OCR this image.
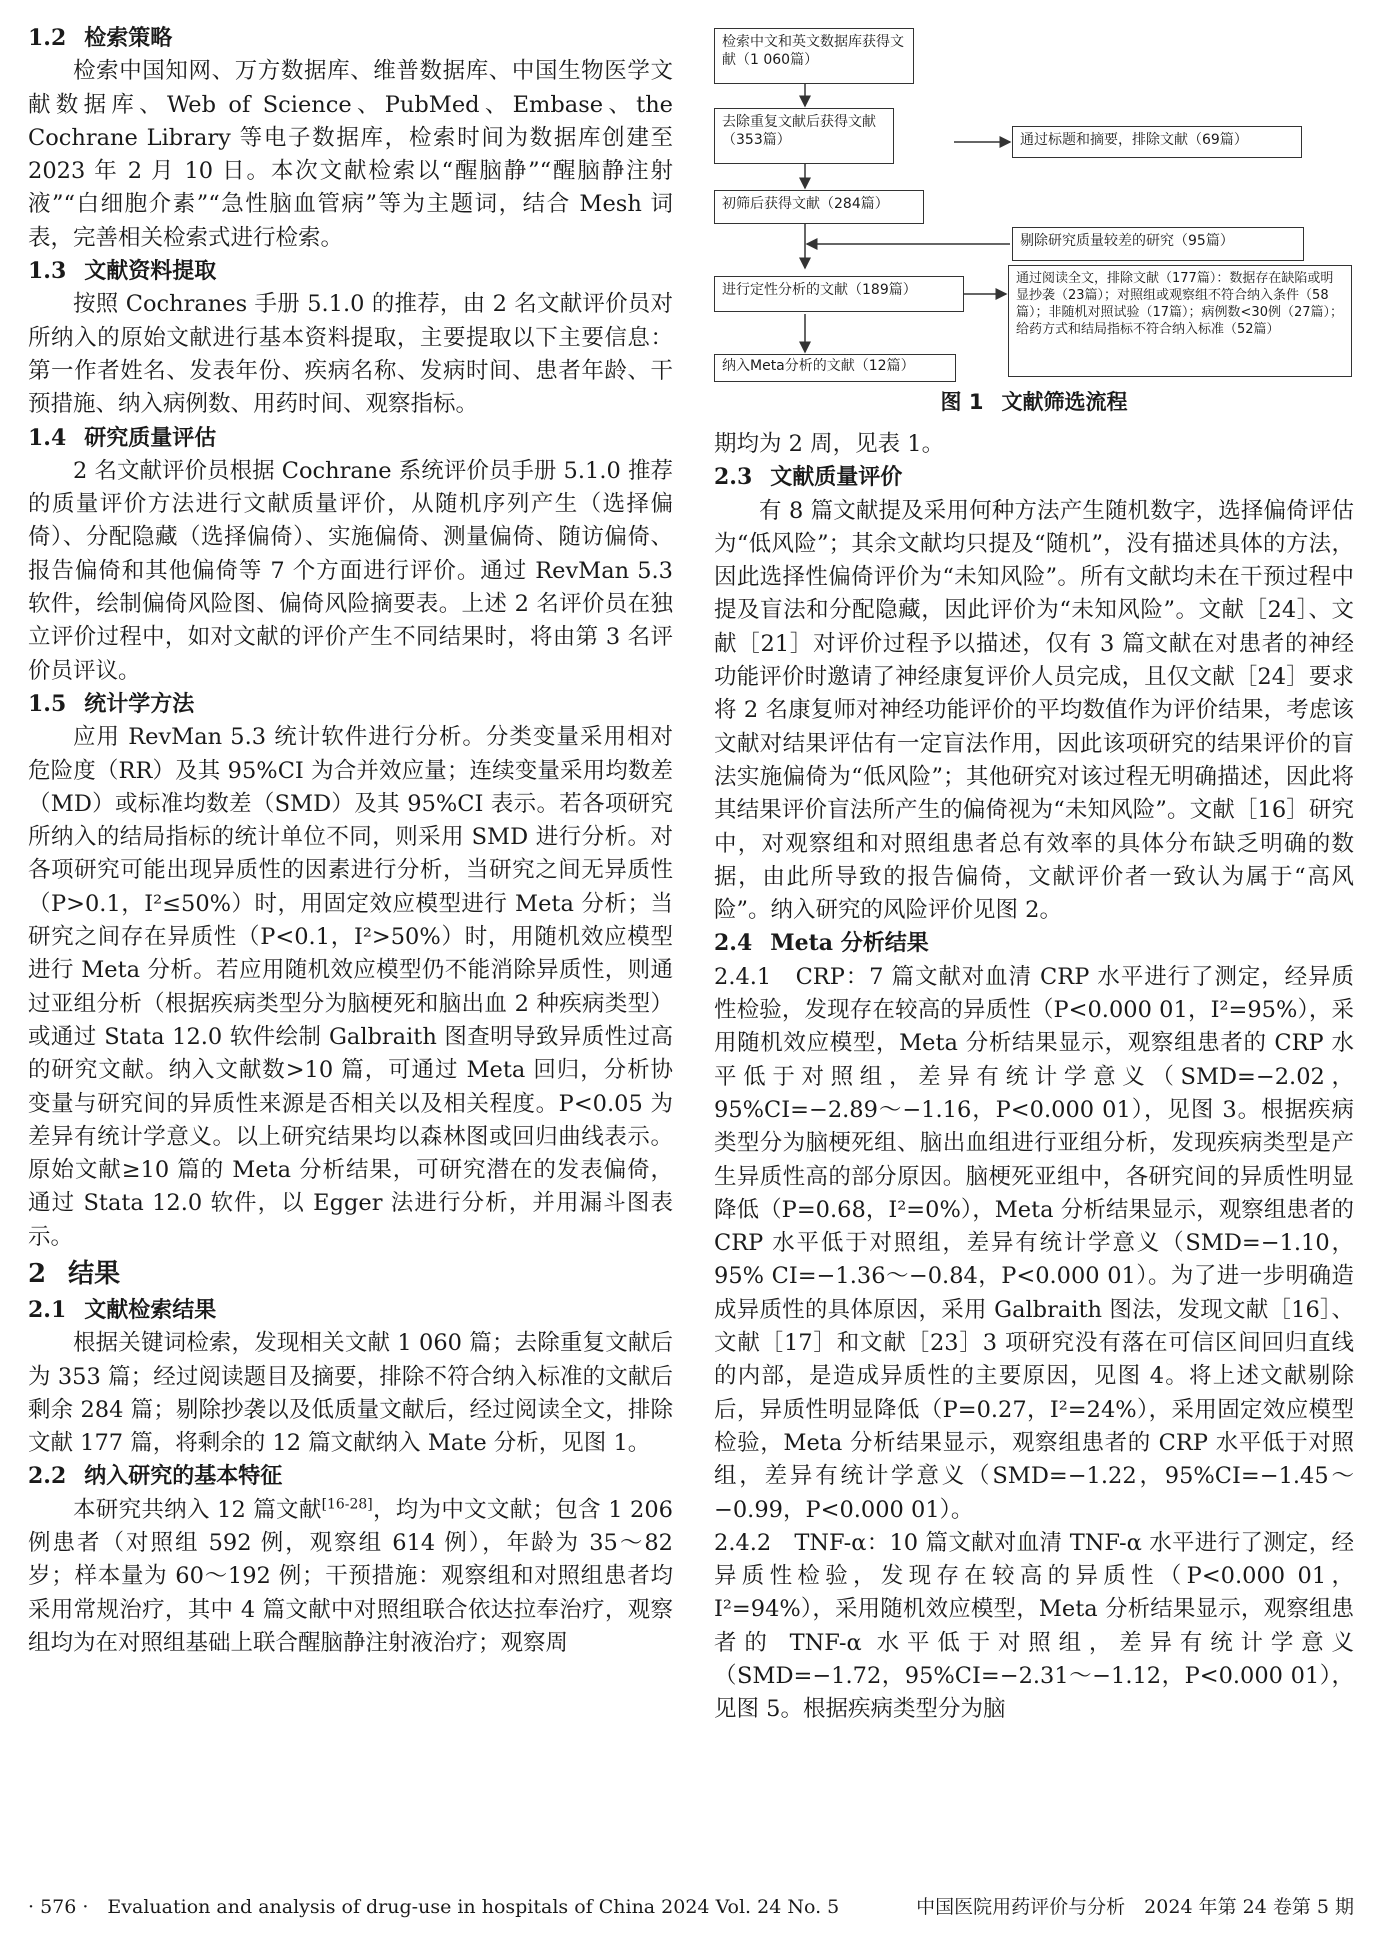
1.2 检索策略

检索中国知网、万方数据库、维普数据库、中国生物医学文献数据库、Web of Science、PubMed、Embase、the Cochrane Library 等电子数据库，检索时间为数据库创建至 2023 年 2 月 10 日。本次文献检索以“醒脑静”“醒脑静注射液”“白细胞介素”“急性脑血管病”等为主题词，结合 Mesh 词表，完善相关检索式进行检索。

1.3 文献资料提取

按照 Cochranes 手册 5.1.0 的推荐，由 2 名文献评价员对所纳入的原始文献进行基本资料提取，主要提取以下主要信息：第一作者姓名、发表年份、疾病名称、发病时间、患者年龄、干预措施、纳入病例数、用药时间、观察指标。

1.4 研究质量评估

2 名文献评价员根据 Cochrane 系统评价员手册 5.1.0 推荐的质量评价方法进行文献质量评价，从随机序列产生（选择偏倚）、分配隐藏（选择偏倚）、实施偏倚、测量偏倚、随访偏倚、报告偏倚和其他偏倚等 7 个方面进行评价。通过 RevMan 5.3 软件，绘制偏倚风险图、偏倚风险摘要表。上述 2 名评价员在独立评价过程中，如对文献的评价产生不同结果时，将由第 3 名评价员评议。

1.5 统计学方法

应用 RevMan 5.3 统计软件进行分析。分类变量采用相对危险度（RR）及其 95%CI 为合并效应量；连续变量采用均数差（MD）或标准均数差（SMD）及其 95%CI 表示。若各项研究所纳入的结局指标的统计单位不同，则采用 SMD 进行分析。对各项研究可能出现异质性的因素进行分析，当研究之间无异质性（P>0.1，I²≤50%）时，用固定效应模型进行 Meta 分析；当研究之间存在异质性（P<0.1，I²>50%）时，用随机效应模型进行 Meta 分析。若应用随机效应模型仍不能消除异质性，则通过亚组分析（根据疾病类型分为脑梗死和脑出血 2 种疾病类型）或通过 Stata 12.0 软件绘制 Galbraith 图查明导致异质性过高的研究文献。纳入文献数>10 篇，可通过 Meta 回归，分析协变量与研究间的异质性来源是否相关以及相关程度。P<0.05 为差异有统计学意义。以上研究结果均以森林图或回归曲线表示。原始文献≥10 篇的 Meta 分析结果，可研究潜在的发表偏倚，通过 Stata 12.0 软件，以 Egger 法进行分析，并用漏斗图表示。

2 结果
2.1 文献检索结果

根据关键词检索，发现相关文献 1 060 篇；去除重复文献后为 353 篇；经过阅读题目及摘要，排除不符合纳入标准的文献后剩余 284 篇；剔除抄袭以及低质量文献后，经过阅读全文，排除文献 177 篇，将剩余的 12 篇文献纳入 Mate 分析，见图 1。

2.2 纳入研究的基本特征

本研究共纳入 12 篇文献[16-28]，均为中文文献；包含 1 206 例患者（对照组 592 例，观察组 614 例），年龄为 35～82 岁；样本量为 60～192 例；干预措施：观察组和对照组患者均采用常规治疗，其中 4 篇文献中对照组联合依达拉奉治疗，观察组均为在对照组基础上联合醒脑静注射液治疗；观察周

检索中文和英文数据库获得文献（1 060篇）
去除重复文献后获得文献（353篇）	通过标题和摘要，排除文献（69篇）
初筛后获得文献（284篇）
剔除研究质量较差的研究（95篇）
进行定性分析的文献（189篇）
通过阅读全文，排除文献（177篇）：数据存在缺陷或明显抄袭（23篇）；对照组或观察组不符合纳入条件（58篇）；非随机对照试验（17篇）；病例数<30例（27篇）；给药方式和结局指标不符合纳入标准（52篇）
纳入Meta分析的文献（12篇）
图 1 文献筛选流程

期均为 2 周，见表 1。

2.3 文献质量评价

有 8 篇文献提及采用何种方法产生随机数字，选择偏倚评估为“低风险”；其余文献均只提及“随机”，没有描述具体的方法，因此选择性偏倚评价为“未知风险”。所有文献均未在干预过程中提及盲法和分配隐藏，因此评价为“未知风险”。文献［24］、文献［21］对评价过程予以描述，仅有 3 篇文献在对患者的神经功能评价时邀请了神经康复评价人员完成，且仅文献［24］要求将 2 名康复师对神经功能评价的平均数值作为评价结果，考虑该文献对结果评估有一定盲法作用，因此该项研究的结果评价的盲法实施偏倚为“低风险”；其他研究对该过程无明确描述，因此将其结果评价盲法所产生的偏倚视为“未知风险”。文献［16］研究中，对观察组和对照组患者总有效率的具体分布缺乏明确的数据，由此所导致的报告偏倚，文献评价者一致认为属于“高风险”。纳入研究的风险评价见图 2。

2.4 Meta 分析结果

2.4.1　CRP：7 篇文献对血清 CRP 水平进行了测定，经异质性检验，发现存在较高的异质性（P<0.000 01，I²=95%），采用随机效应模型，Meta 分析结果显示，观察组患者的 CRP 水平低于对照组，差异有统计学意义（SMD=−2.02，95%CI=−2.89～−1.16，P<0.000 01），见图 3。根据疾病类型分为脑梗死组、脑出血组进行亚组分析，发现疾病类型是产生异质性高的部分原因。脑梗死亚组中，各研究间的异质性明显降低（P=0.68，I²=0%），Meta 分析结果显示，观察组患者的 CRP 水平低于对照组，差异有统计学意义（SMD=−1.10，95% CI=−1.36～−0.84，P<0.000 01）。为了进一步明确造成异质性的具体原因，采用 Galbraith 图法，发现文献［16］、文献［17］和文献［23］3 项研究没有落在可信区间回归直线的内部，是造成异质性的主要原因，见图 4。将上述文献剔除后，异质性明显降低（P=0.27，I²=24%），采用固定效应模型检验，Meta 分析结果显示，观察组患者的 CRP 水平低于对照组，差异有统计学意义（SMD=−1.22，95%CI=−1.45～−0.99，P<0.000 01）。

2.4.2　TNF-α：10 篇文献对血清 TNF-α 水平进行了测定，经异质性检验，发现存在较高的异质性（P<0.000 01，I²=94%），采用随机效应模型，Meta 分析结果显示，观察组患者的 TNF-α 水平低于对照组，差异有统计学意义（SMD=−1.72，95%CI=−2.31～−1.12，P<0.000 01），见图 5。根据疾病类型分为脑

· 576 ·　Evaluation and analysis of drug-use in hospitals of China 2024 Vol. 24 No. 5	中国医院用药评价与分析　2024 年第 24 卷第 5 期
